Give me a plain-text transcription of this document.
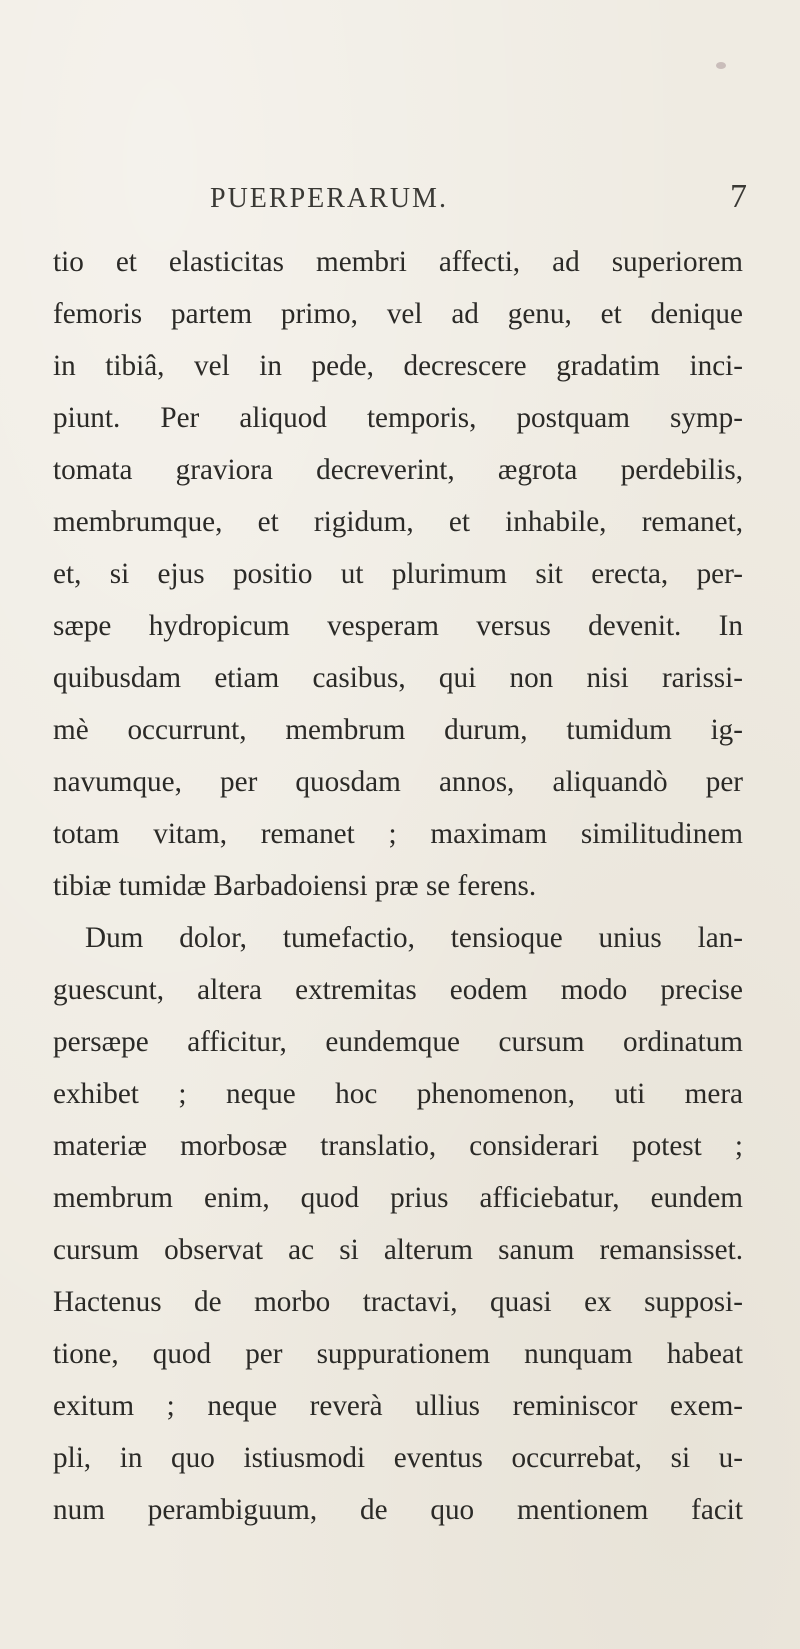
PUERPERARUM.	7
tio et elasticitas membri affecti, ad superiorem
femoris partem primo, vel ad genu, et denique
in tibiâ, vel in pede, decrescere gradatim inci-
piunt. Per aliquod temporis, postquam symp-
tomata graviora decreverint, ægrota perdebilis,
membrumque, et rigidum, et inhabile, remanet,
et, si ejus positio ut plurimum sit erecta, per-
sæpe hydropicum vesperam versus devenit. In
quibusdam etiam casibus, qui non nisi rarissi-
mè occurrunt, membrum durum, tumidum ig-
navumque, per quosdam annos, aliquandò per
totam vitam, remanet ; maximam similitudinem
tibiæ tumidæ Barbadoiensi præ se ferens.
Dum dolor, tumefactio, tensioque unius lan-
guescunt, altera extremitas eodem modo precise
persæpe afficitur, eundemque cursum ordinatum
exhibet ; neque hoc phenomenon, uti mera
materiæ morbosæ translatio, considerari potest ;
membrum enim, quod prius afficiebatur, eundem
cursum observat ac si alterum sanum remansisset.
Hactenus de morbo tractavi, quasi ex supposi-
tione, quod per suppurationem nunquam habeat
exitum ; neque reverà ullius reminiscor exem-
pli, in quo istiusmodi eventus occurrebat, si u-
num perambiguum, de quo mentionem facit
